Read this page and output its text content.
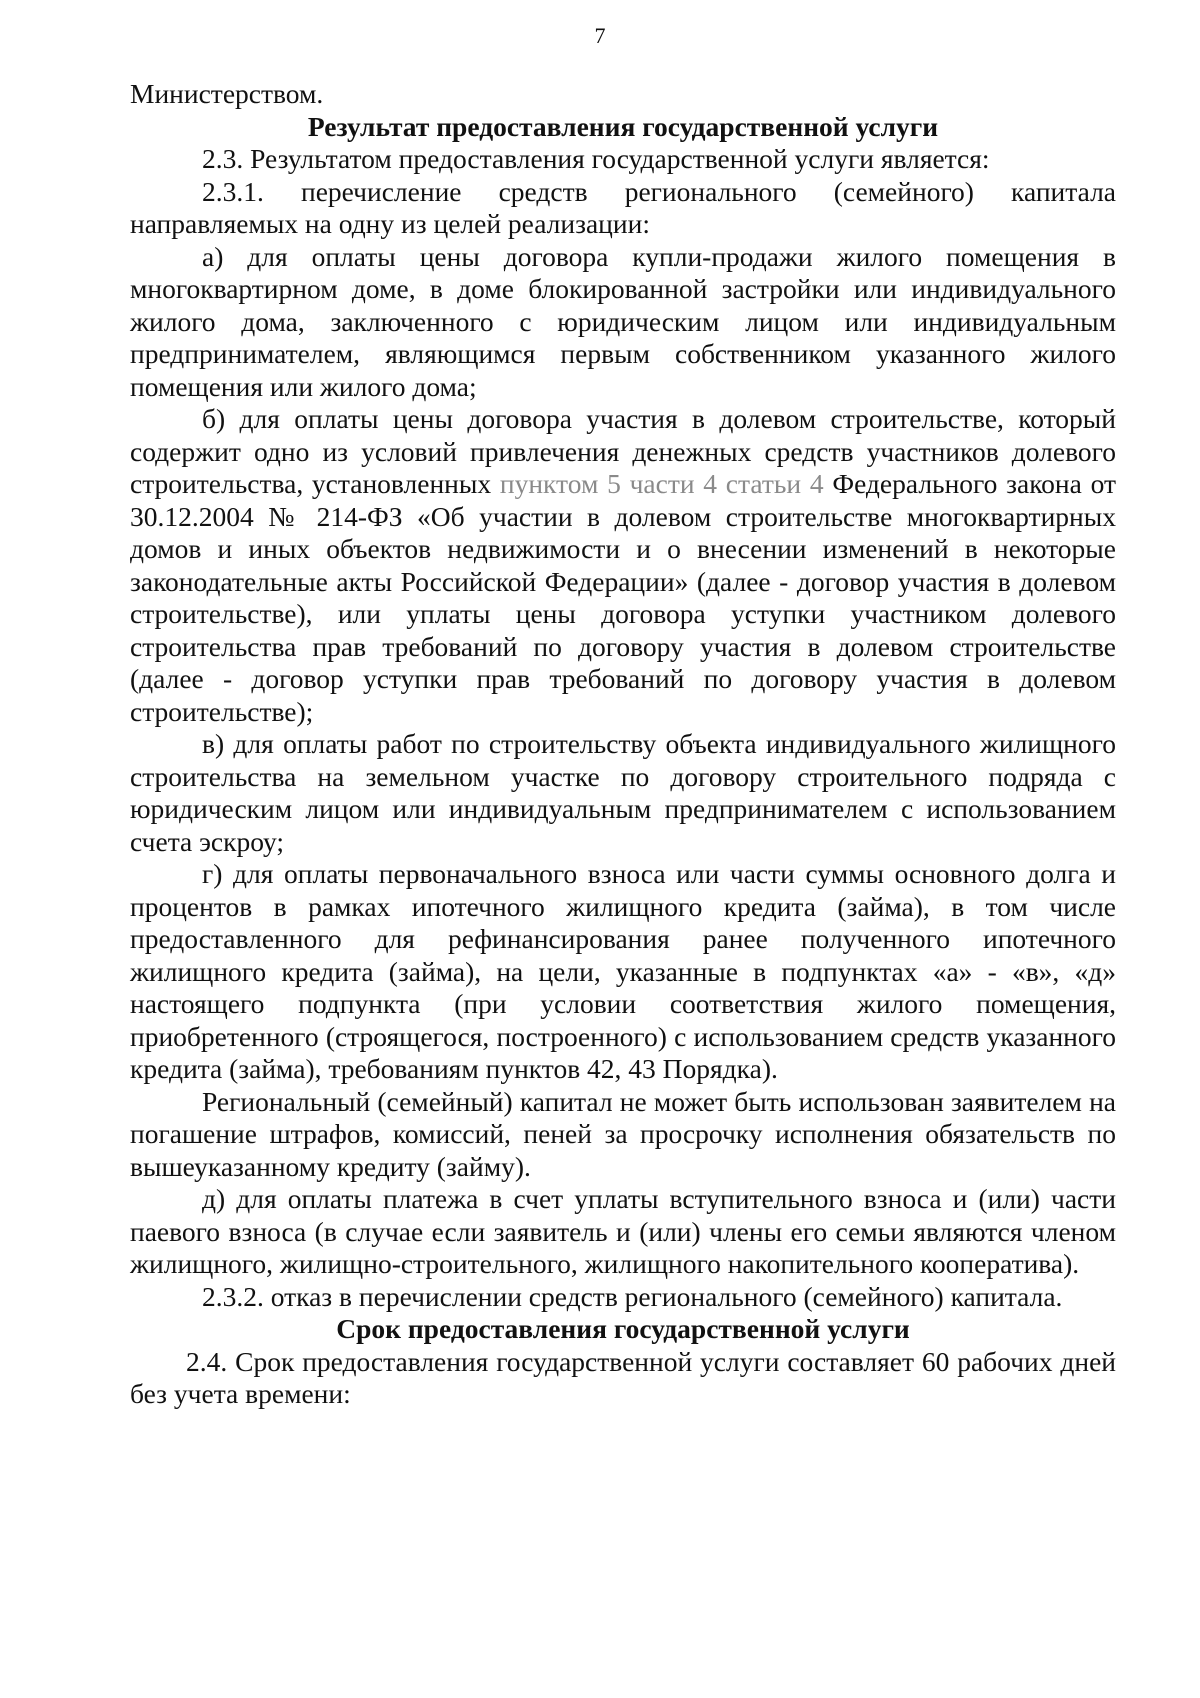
7

Министерством.

Результат предоставления государственной услуги

2.3. Результатом предоставления государственной услуги является:

2.3.1. перечисление средств регионального (семейного) капитала направляемых на одну из целей реализации:

а) для оплаты цены договора купли-продажи жилого помещения в многоквартирном доме, в доме блокированной застройки или индивидуального жилого дома, заключенного с юридическим лицом или индивидуальным предпринимателем, являющимся первым собственником указанного жилого помещения или жилого дома;

б) для оплаты цены договора участия в долевом строительстве, который содержит одно из условий привлечения денежных средств участников долевого строительства, установленных пунктом 5 части 4 статьи 4 Федерального закона от 30.12.2004 № 214-ФЗ «Об участии в долевом строительстве многоквартирных домов и иных объектов недвижимости и о внесении изменений в некоторые законодательные акты Российской Федерации» (далее - договор участия в долевом строительстве), или уплаты цены договора уступки участником долевого строительства прав требований по договору участия в долевом строительстве (далее - договор уступки прав требований по договору участия в долевом строительстве);

в) для оплаты работ по строительству объекта индивидуального жилищного строительства на земельном участке по договору строительного подряда с юридическим лицом или индивидуальным предпринимателем с использованием счета эскроу;

г) для оплаты первоначального взноса или части суммы основного долга и процентов в рамках ипотечного жилищного кредита (займа), в том числе предоставленного для рефинансирования ранее полученного ипотечного жилищного кредита (займа), на цели, указанные в подпунктах «а» - «в», «д» настоящего подпункта (при условии соответствия жилого помещения, приобретенного (строящегося, построенного) с использованием средств указанного кредита (займа), требованиям пунктов 42, 43 Порядка).

Региональный (семейный) капитал не может быть использован заявителем на погашение штрафов, комиссий, пеней за просрочку исполнения обязательств по вышеуказанному кредиту (займу).

д) для оплаты платежа в счет уплаты вступительного взноса и (или) части паевого взноса (в случае если заявитель и (или) члены его семьи являются членом жилищного, жилищно-строительного, жилищного накопительного кооператива).

2.3.2. отказ в перечислении средств регионального (семейного) капитала.

Срок предоставления государственной услуги

2.4. Срок предоставления государственной услуги составляет 60 рабочих дней без учета времени:
